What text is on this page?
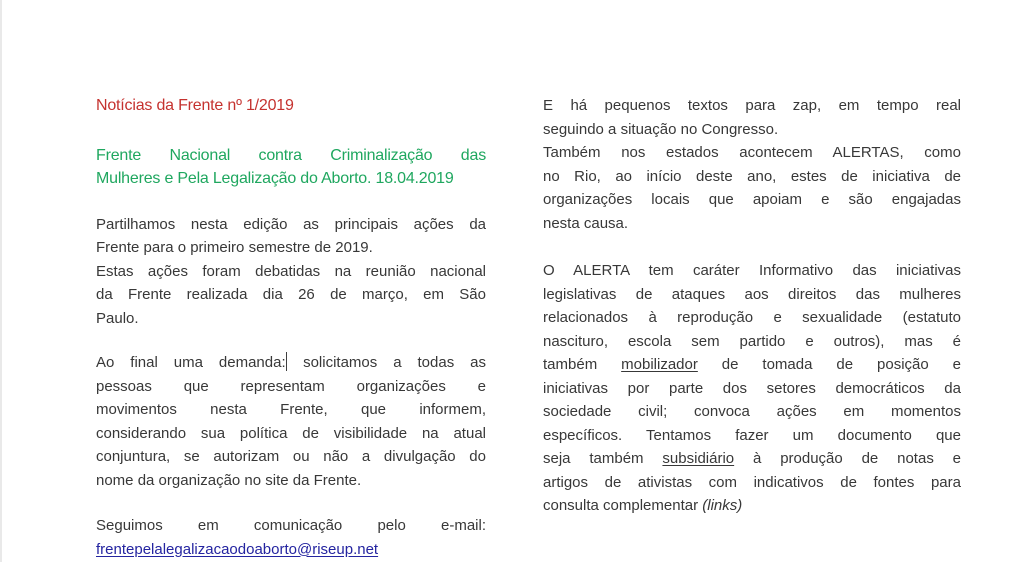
Notícias da Frente nº 1/2019
Frente Nacional contra Criminalização das
Mulheres e Pela Legalização do Aborto. 18.04.2019
Partilhamos nesta edição as principais ações da
Frente para o primeiro semestre de 2019.
Estas ações foram debatidas na reunião nacional
da Frente realizada dia 26 de março, em São
Paulo.
Ao final uma demanda: solicitamos a todas as
pessoas que representam organizações e
movimentos nesta Frente, que informem,
considerando sua política de visibilidade na atual
conjuntura, se autorizam ou não a divulgação do
nome da organização no site da Frente.
Seguimos em comunicação pelo e-mail:
frentepelalegalizacaodoaborto@riseup.net
E há pequenos textos para zap, em tempo real
seguindo a situação no Congresso.
Também nos estados acontecem ALERTAS, como
no Rio, ao início deste ano, estes de iniciativa de
organizações locais que apoiam e são engajadas
nesta causa.
O ALERTA tem caráter Informativo das iniciativas
legislativas de ataques aos direitos das mulheres
relacionados à reprodução e sexualidade (estatuto
nascituro, escola sem partido e outros), mas é
também mobilizador de tomada de posição e
iniciativas por parte dos setores democráticos da
sociedade civil; convoca ações em momentos
específicos. Tentamos fazer um documento que
seja também subsidiário à produção de notas e
artigos de ativistas com indicativos de fontes para
consulta complementar (links)
